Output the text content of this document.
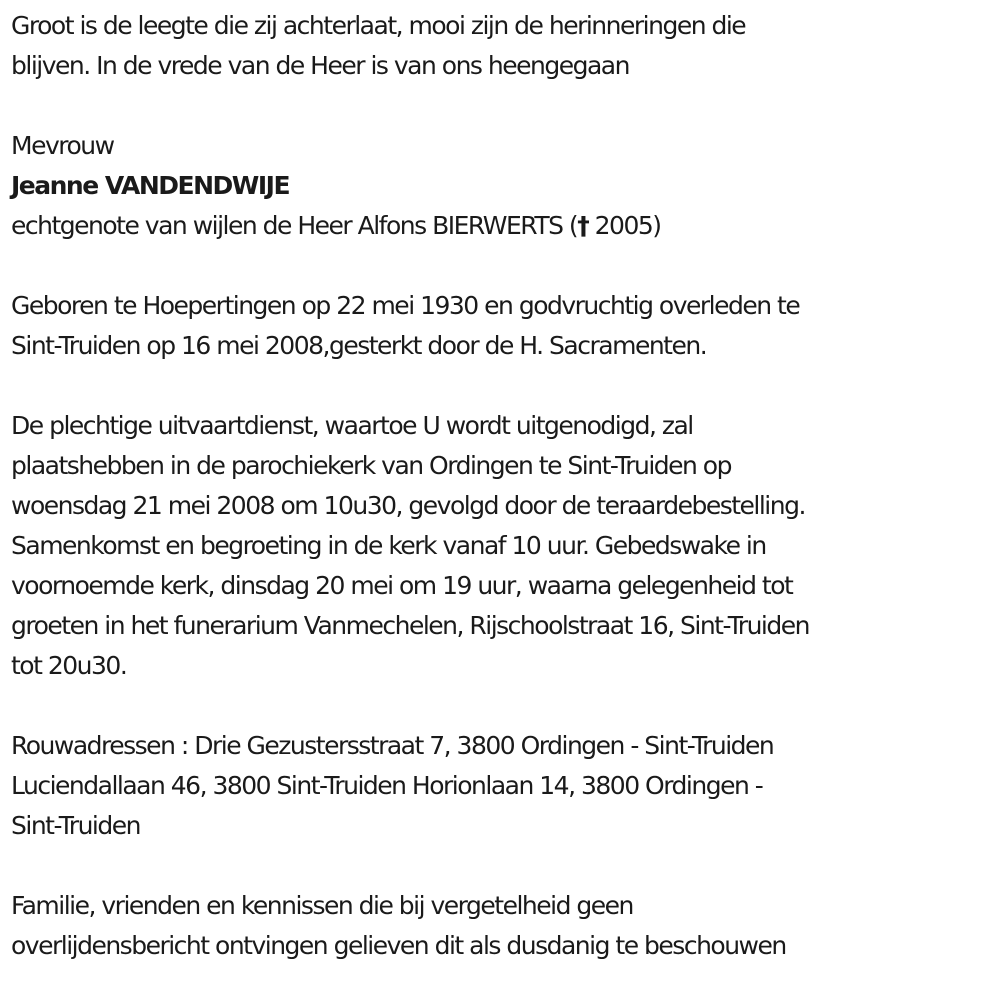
Groot is de leegte die zij achterlaat, mooi zijn de herinneringen die
blijven. In de vrede van de Heer is van ons heengegaan
Mevrouw
Jeanne VANDENDWIJE
echtgenote van wijlen de Heer Alfons BIERWERTS († 2005)
Geboren te Hoepertingen op 22 mei 1930 en godvruchtig overleden te
Sint-Truiden op 16 mei 2008,gesterkt door de H. Sacramenten.
De plechtige uitvaartdienst, waartoe U wordt uitgenodigd, zal
plaatshebben in de parochiekerk van Ordingen te Sint-Truiden op
woensdag 21 mei 2008 om 10u30, gevolgd door de teraardebestelling.
Samenkomst en begroeting in de kerk vanaf 10 uur. Gebedswake in
voornoemde kerk, dinsdag 20 mei om 19 uur, waarna gelegenheid tot
groeten in het funerarium Vanmechelen, Rijschoolstraat 16, Sint-Truiden
tot 20u30.
Rouwadressen : Drie Gezustersstraat 7, 3800 Ordingen - Sint-Truiden
Luciendallaan 46, 3800 Sint-Truiden Horionlaan 14, 3800 Ordingen -
Sint-Truiden
Familie, vrienden en kennissen die bij vergetelheid geen
overlijdensbericht ontvingen gelieven dit als dusdanig te beschouwen
